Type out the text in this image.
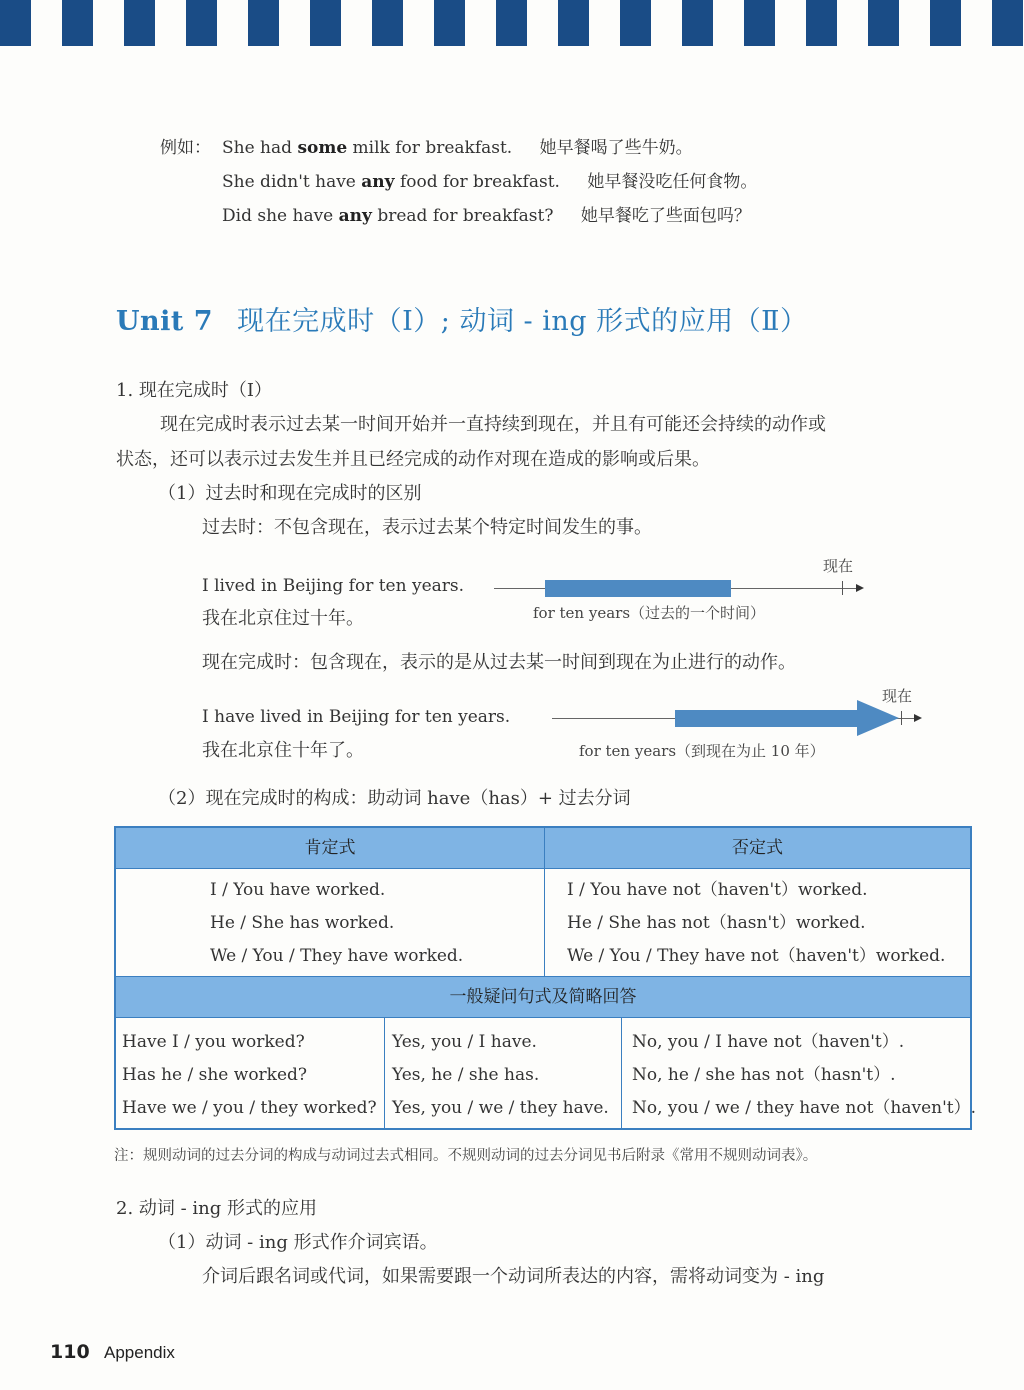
例如： She had some milk for breakfast. 她早餐喝了些牛奶。
She didn't have any food for breakfast. 她早餐没吃任何食物。
Did she have any bread for breakfast? 她早餐吃了些面包吗？
Unit 7 现在完成时（Ⅰ）; 动词 - ing 形式的应用（Ⅱ）
1. 现在完成时（Ⅰ）
现在完成时表示过去某一时间开始并一直持续到现在，并且有可能还会持续的动作或
状态，还可以表示过去发生并且已经完成的动作对现在造成的影响或后果。
（1）过去时和现在完成时的区别
过去时：不包含现在，表示过去某个特定时间发生的事。
I lived in Beijing for ten years.
我在北京住过十年。
现在
for ten years（过去的一个时间）
现在完成时：包含现在，表示的是从过去某一时间到现在为止进行的动作。
I have lived in Beijing for ten years.
我在北京住十年了。
现在
for ten years（到现在为止 10 年）
（2）现在完成时的构成：助动词 have（has）+ 过去分词
肯定式	否定式
I / You have worked.
He / She has worked.
We / You / They have worked.
I / You have not（haven't）worked.
He / She has not（hasn't）worked.
We / You / They have not（haven't）worked.
一般疑问句式及简略回答
Have I / you worked?
Has he / she worked?
Have we / you / they worked?
Yes, you / I have.
Yes, he / she has.
Yes, you / we / they have.
No, you / I have not（haven't）.
No, he / she has not（hasn't）.
No, you / we / they have not（haven't）.
注：规则动词的过去分词的构成与动词过去式相同。不规则动词的过去分词见书后附录《常用不规则动词表》。
2. 动词 - ing 形式的应用
（1）动词 - ing 形式作介词宾语。
介词后跟名词或代词，如果需要跟一个动词所表达的内容，需将动词变为 - ing
110 Appendix
